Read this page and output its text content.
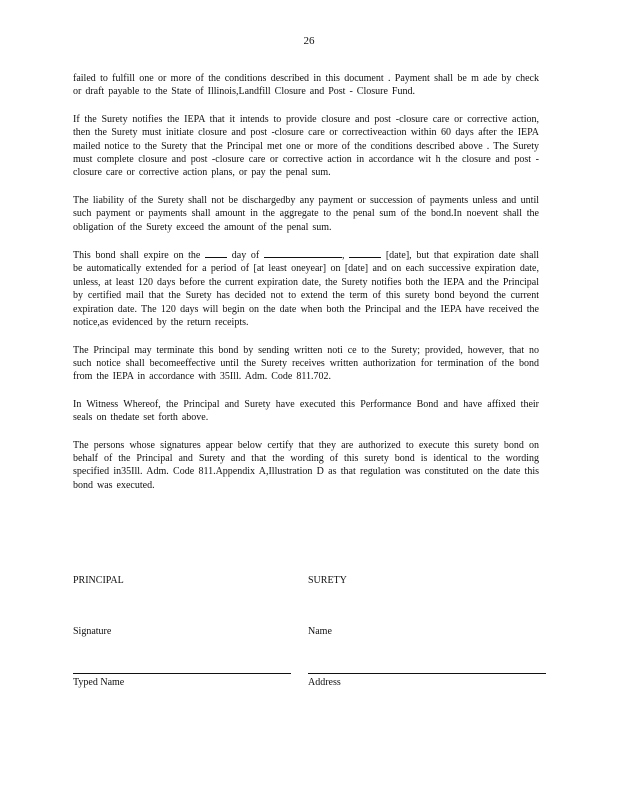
26

failed to fulfill one or more of the conditions described in this document . Payment shall be m ade by check or draft payable to the State of Illinois,Landfill Closure and Post - Closure Fund.

If the Surety notifies the IEPA that it intends to provide closure and post -closure care or corrective action, then the Surety must initiate closure and post -closure care or correctiveaction within 60 days after the IEPA mailed notice to the Surety that the Principal met one or more of the conditions described above . The Surety must complete closure and post -closure care or corrective action in accordance wit h the closure and post -closure care or corrective action plans, or pay the penal sum.

The liability of the Surety shall not be dischargedby any payment or succession of payments unless and until such payment or payments shall amount in the aggregate to the penal sum of the bond.In noevent shall the obligation of the Surety exceed the amount of the penal sum.

This bond shall expire on the	day of	,	[date], but that expiration date shall be automatically extended for a period of [at least oneyear] on [date] and on each successive expiration date, unless, at least 120 days before the current expiration date, the Surety notifies both the IEPA and the Principal by certified mail that the Surety has decided not to extend the term of this surety bond beyond the current expiration date. The 120 days will begin on the date when both the Principal and the IEPA have received the notice,as evidenced by the return receipts.

The Principal may terminate this bond by sending written noti ce to the Surety; provided, however, that no such notice shall becomeeffective until the Surety receives written authorization for termination of the bond from the IEPA in accordance with 35Ill. Adm. Code 811.702.

In Witness Whereof, the Principal and Surety have executed this Performance Bond and have affixed their seals on thedate set forth above.

The persons whose signatures appear below certify that they are authorized to execute this surety bond on behalf of the Principal and Surety and that the wording of this surety bond is identical to the wording specified in35Ill. Adm. Code 811.Appendix A,Illustration D as that regulation was constituted on the date this bond was executed.

PRINCIPAL	SURETY
Signature	Name
Typed Name	Address
